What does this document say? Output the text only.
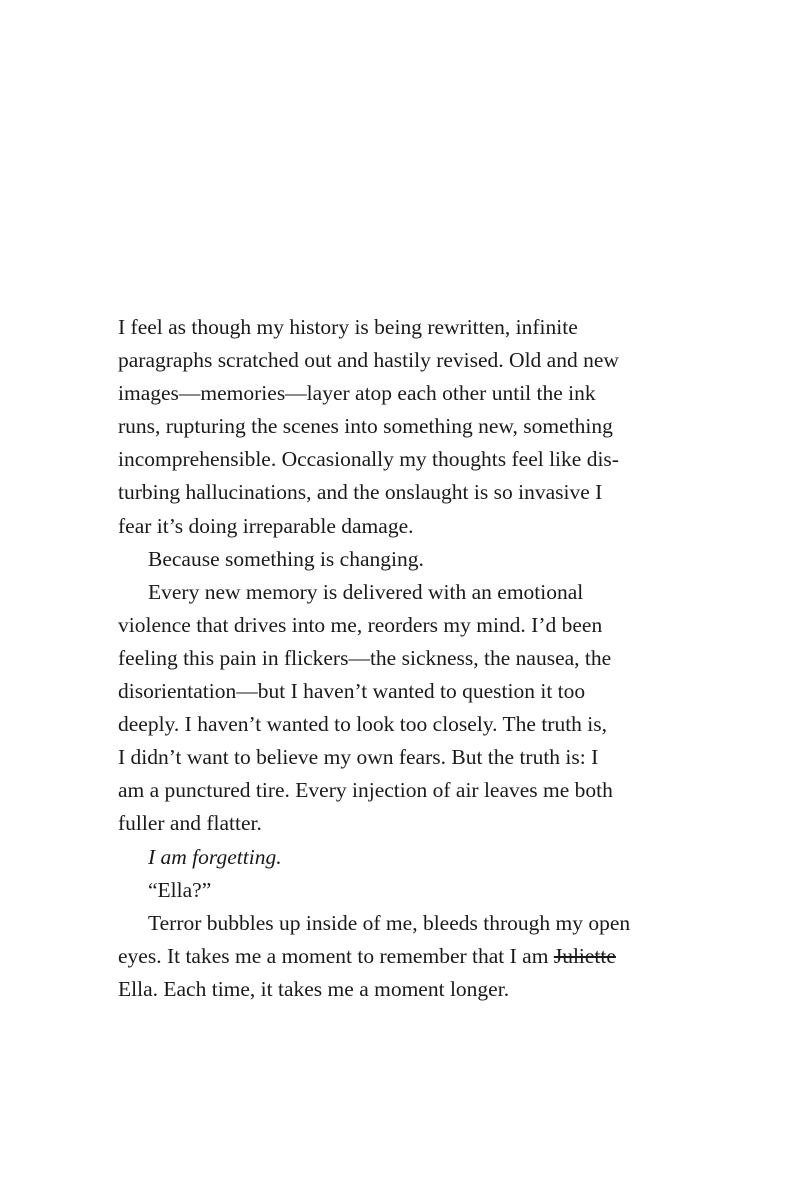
I feel as though my history is being rewritten, infinite
paragraphs scratched out and hastily revised. Old and new
images—memories—layer atop each other until the ink
runs, rupturing the scenes into something new, something
incomprehensible. Occasionally my thoughts feel like dis-
turbing hallucinations, and the onslaught is so invasive I
fear it’s doing irreparable damage.

Because something is changing.

Every new memory is delivered with an emotional
violence that drives into me, reorders my mind. I’d been
feeling this pain in flickers—the sickness, the nausea, the
disorientation—but I haven’t wanted to question it too
deeply. I haven’t wanted to look too closely. The truth is,
I didn’t want to believe my own fears. But the truth is: I
am a punctured tire. Every injection of air leaves me both
fuller and flatter.

I am forgetting.

“Ella?”

Terror bubbles up inside of me, bleeds through my open
eyes. It takes me a moment to remember that I am Juliette
Ella. Each time, it takes me a moment longer.
